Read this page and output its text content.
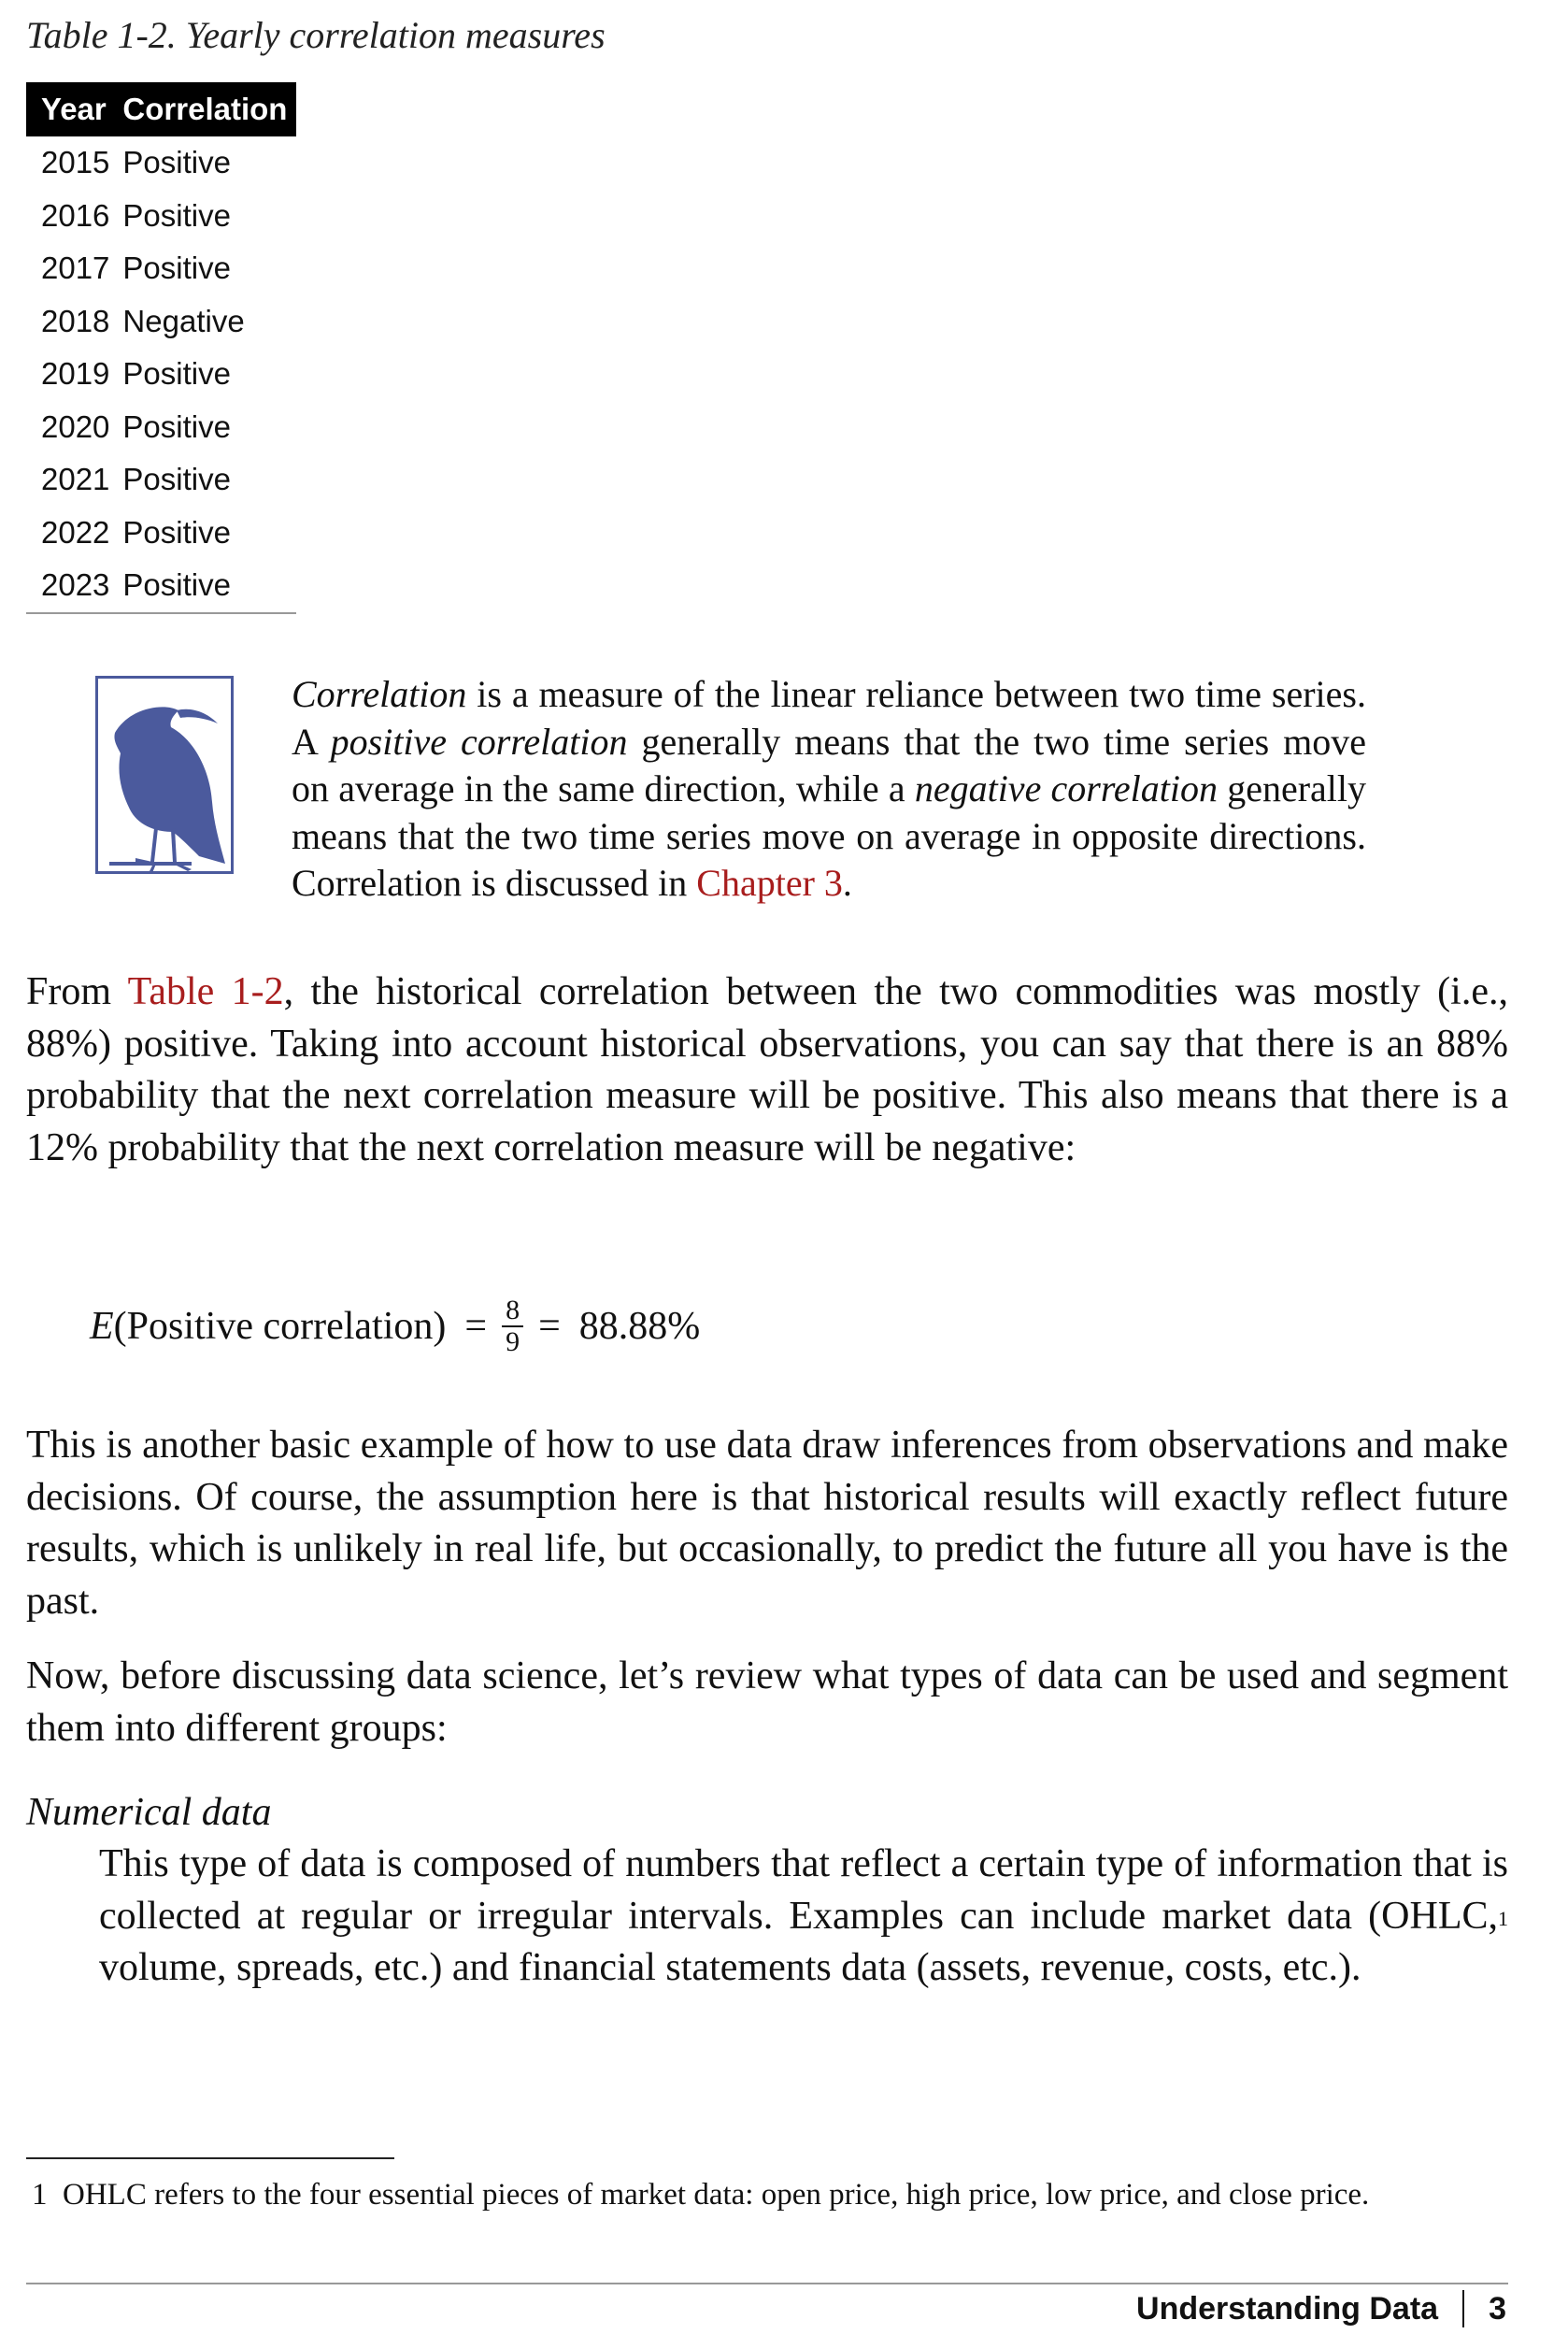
Table 1-2. Yearly correlation measures
Year	Correlation
2015	Positive
2016	Positive
2017	Positive
2018	Negative
2019	Positive
2020	Positive
2021	Positive
2022	Positive
2023	Positive
Correlation is a measure of the linear reliance between two time series. A positive correlation generally means that the two time series move on average in the same direction, while a negative correlation generally means that the two time series move on average in opposite directions. Correlation is discussed in Chapter 3.
From Table 1-2, the historical correlation between the two commodities was mostly (i.e., 88%) positive. Taking into account historical observations, you can say that there is an 88% probability that the next correlation measure will be positive. This also means that there is a 12% probability that the next correlation measure will be negative:
E (Positive correlation) = $\frac{8}{9} = 88.88\%$
This is another basic example of how to use data draw inferences from observations and make decisions. Of course, the assumption here is that historical results will exactly reflect future results, which is unlikely in real life, but occasionally, to predict the future all you have is the past.
Now, before discussing data science, let’s review what types of data can be used and segment them into different groups:
Numerical data
This type of data is composed of numbers that reflect a certain type of information that is collected at regular or irregular intervals. Examples can include market data (OHLC,$^1$ volume, spreads, etc.) and financial statements data (assets, revenue, costs, etc.).
1 OHLC refers to the four essential pieces of market data: open price, high price, low price, and close price.
Understanding Data 3
